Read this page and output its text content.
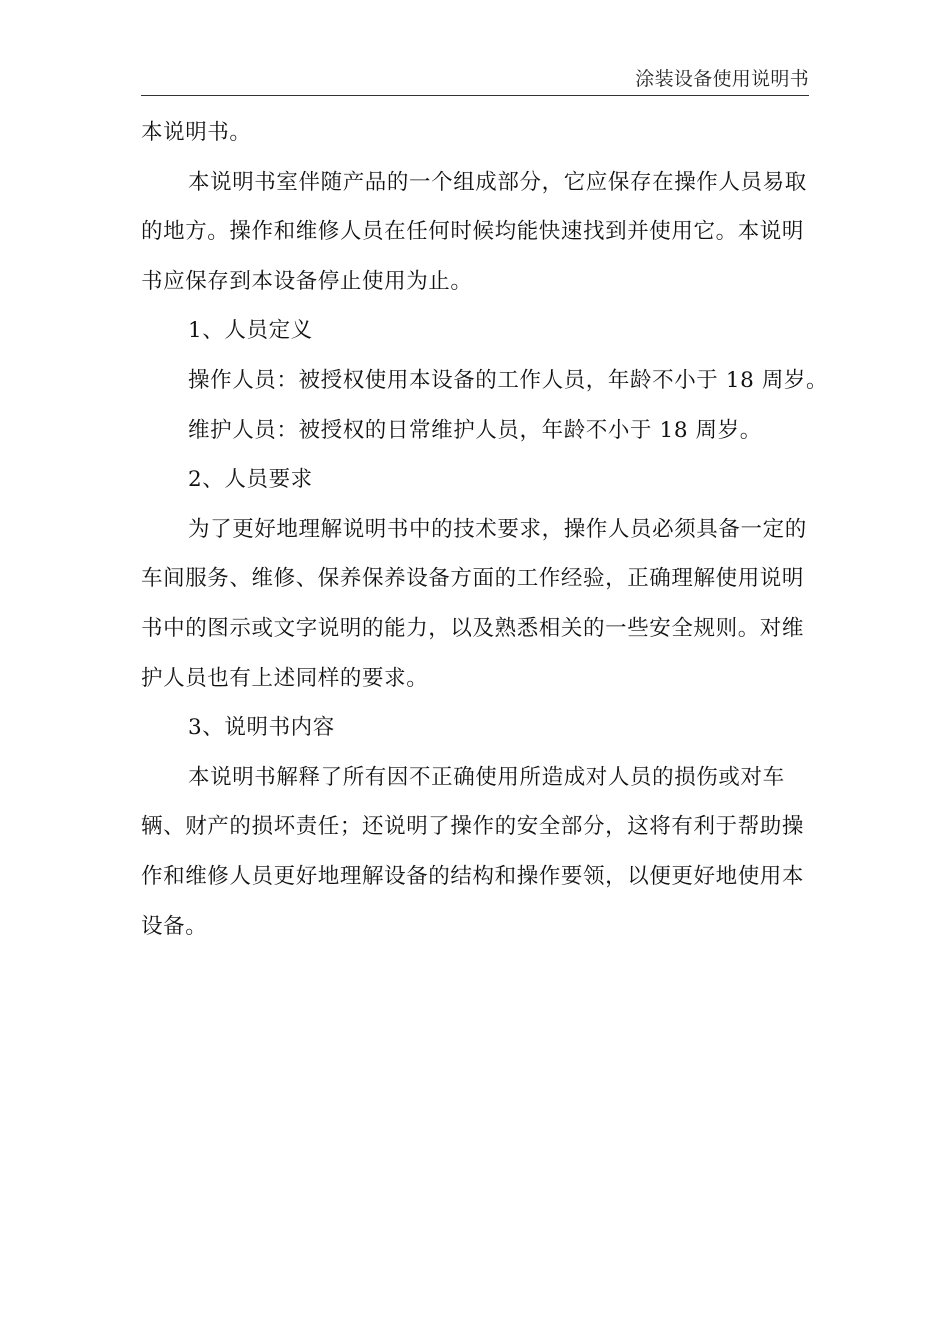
涂装设备使用说明书
本说明书。
本说明书室伴随产品的一个组成部分，它应保存在操作人员易取
的地方。操作和维修人员在任何时候均能快速找到并使用它。本说明
书应保存到本设备停止使用为止。
1、人员定义
操作人员：被授权使用本设备的工作人员，年龄不小于 18 周岁。
维护人员：被授权的日常维护人员，年龄不小于 18 周岁。
2、人员要求
为了更好地理解说明书中的技术要求，操作人员必须具备一定的
车间服务、维修、保养保养设备方面的工作经验，正确理解使用说明
书中的图示或文字说明的能力，以及熟悉相关的一些安全规则。对维
护人员也有上述同样的要求。
3、说明书内容
本说明书解释了所有因不正确使用所造成对人员的损伤或对车
辆、财产的损坏责任；还说明了操作的安全部分，这将有利于帮助操
作和维修人员更好地理解设备的结构和操作要领，以便更好地使用本
设备。
